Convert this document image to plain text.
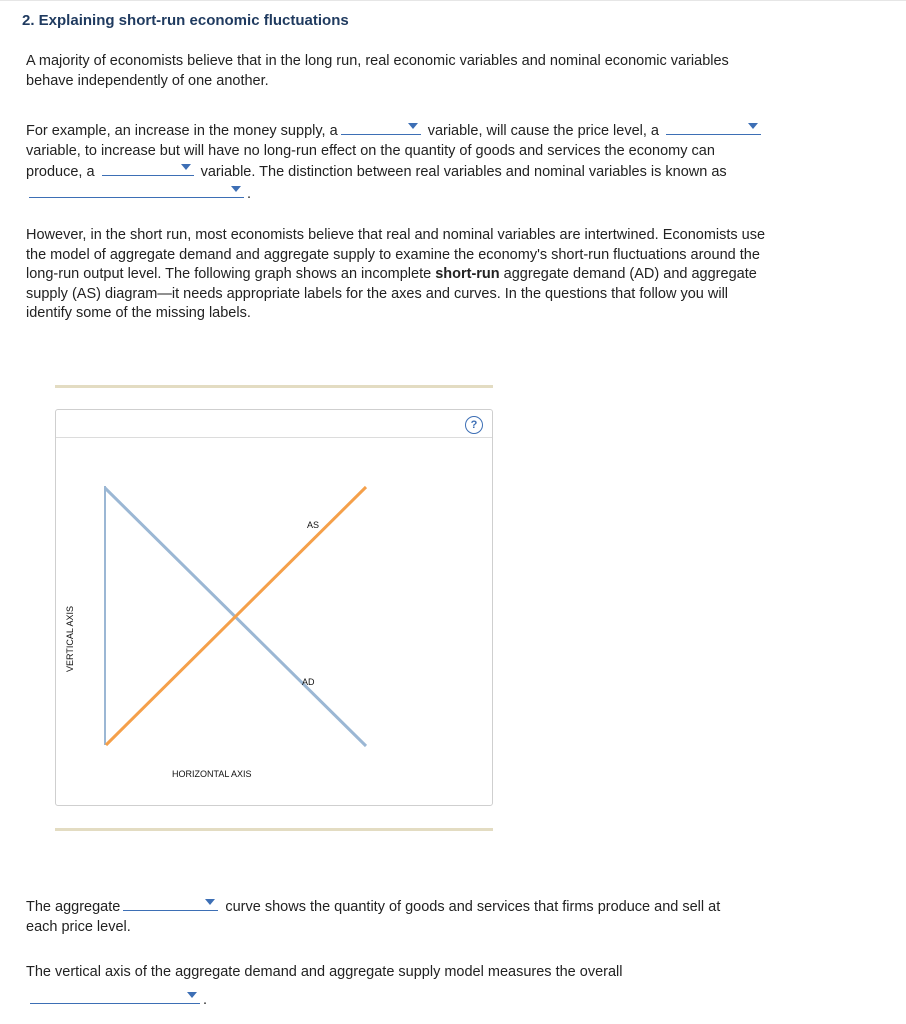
2. Explaining short-run economic fluctuations
A majority of economists believe that in the long run, real economic variables and nominal economic variables behave independently of one another.
For example, an increase in the money supply, a	variable, will cause the price level, a
variable, to increase but will have no long-run effect on the quantity of goods and services the economy can produce, a	variable. The distinction between real variables and nominal variables is known as
.
However, in the short run, most economists believe that real and nominal variables are intertwined. Economists use the model of aggregate demand and aggregate supply to examine the economy's short-run fluctuations around the long-run output level. The following graph shows an incomplete short-run aggregate demand (AD) and aggregate supply (AS) diagram—it needs appropriate labels for the axes and curves. In the questions that follow you will identify some of the missing labels.
?
AS
AD
HORIZONTAL AXIS
VERTICAL AXIS
The aggregate	curve shows the quantity of goods and services that firms produce and sell at each price level.
The vertical axis of the aggregate demand and aggregate supply model measures the overall

.
